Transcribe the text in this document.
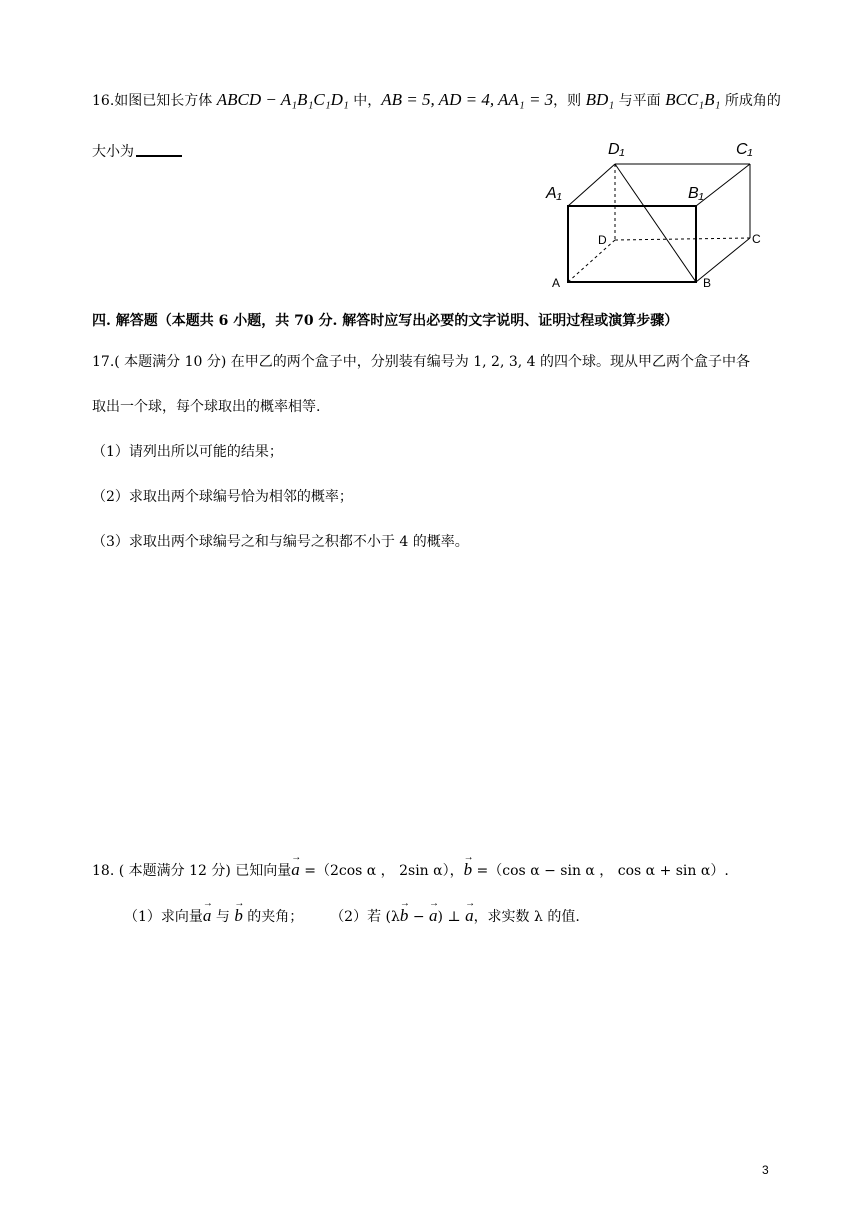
16.如图已知长方体 ABCD − A₁B₁C₁D₁ 中，AB = 5, AD = 4, AA₁ = 3，则 BD₁ 与平面 BCC₁B₁ 所成角的
大小为	D₁	C₁
A₁	B₁
D	C
A	B
四. 解答题（本题共 6 小题，共 70 分. 解答时应写出必要的文字说明、证明过程或演算步骤）
17.( 本题满分 10 分) 在甲乙的两个盒子中，分别装有编号为 1, 2, 3, 4 的四个球。现从甲乙两个盒子中各
取出一个球，每个球取出的概率相等.
（1）请列出所以可能的结果；
（2）求取出两个球编号恰为相邻的概率；
（3）求取出两个球编号之和与编号之积都不小于 4 的概率。
18. ( 本题满分 12 分) 已知向量→ a =（2cos α ， 2sin α），→ b =（cos α − sin α ， cos α + sin α）.
（1）求向量→ a 与 → b 的夹角； （2）若 (λ→ b − → a) ⊥ → a，求实数 λ 的值.
3
